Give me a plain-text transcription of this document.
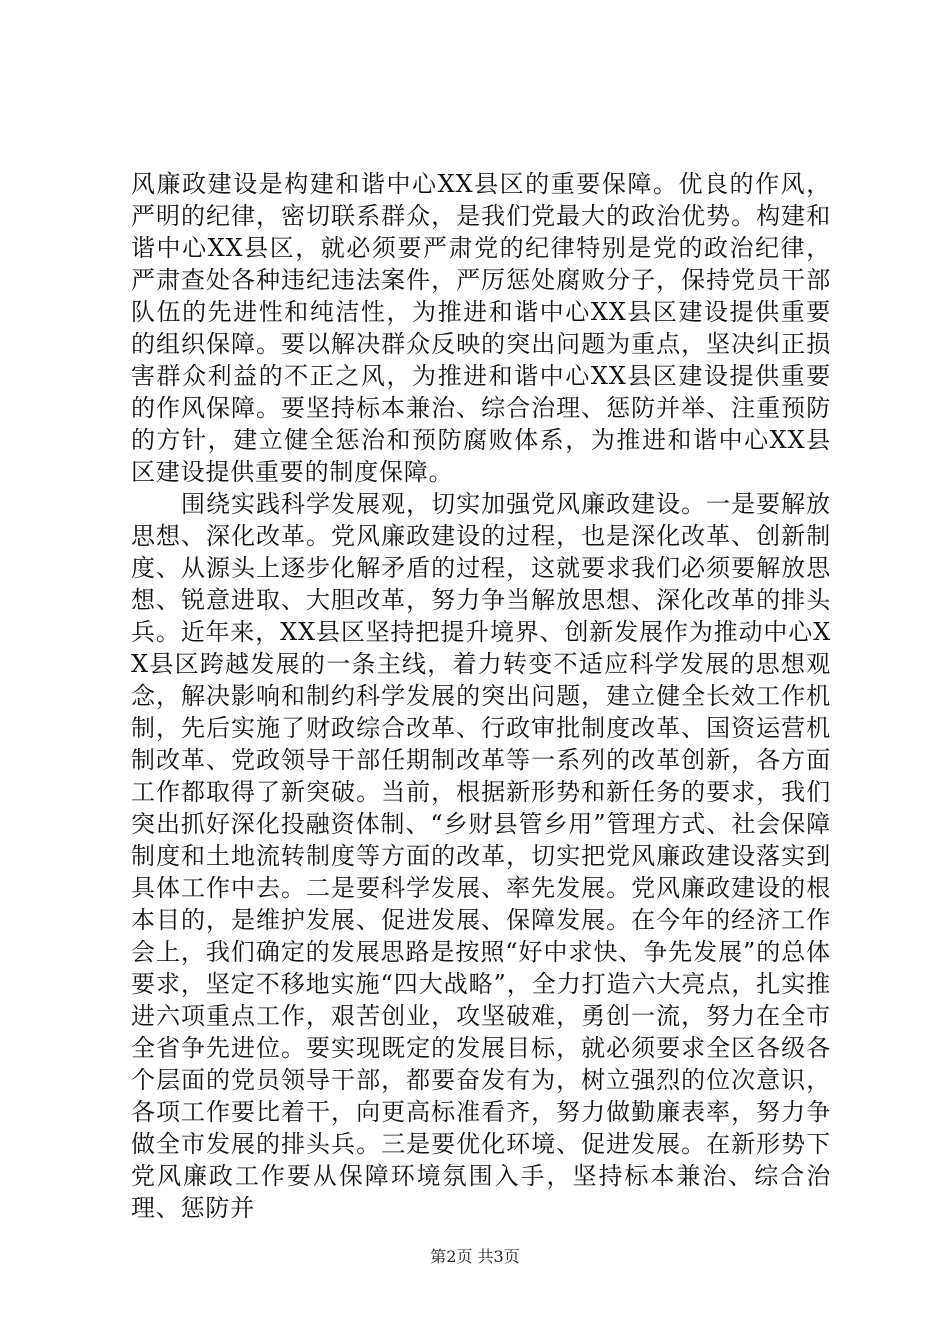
风廉政建设是构建和谐中心XX县区的重要保障。优良的作风，严明的纪律，密切联系群众，是我们党最大的政治优势。构建和谐中心XX县区，就必须要严肃党的纪律特别是党的政治纪律，严肃查处各种违纪违法案件，严厉惩处腐败分子，保持党员干部队伍的先进性和纯洁性，为推进和谐中心XX县区建设提供重要的组织保障。要以解决群众反映的突出问题为重点，坚决纠正损害群众利益的不正之风，为推进和谐中心XX县区建设提供重要的作风保障。要坚持标本兼治、综合治理、惩防并举、注重预防的方针，建立健全惩治和预防腐败体系，为推进和谐中心XX县区建设提供重要的制度保障。

围绕实践科学发展观，切实加强党风廉政建设。一是要解放思想、深化改革。党风廉政建设的过程，也是深化改革、创新制度、从源头上逐步化解矛盾的过程，这就要求我们必须要解放思想、锐意进取、大胆改革，努力争当解放思想、深化改革的排头兵。近年来，XX县区坚持把提升境界、创新发展作为推动中心XX县区跨越发展的一条主线，着力转变不适应科学发展的思想观念，解决影响和制约科学发展的突出问题，建立健全长效工作机制，先后实施了财政综合改革、行政审批制度改革、国资运营机制改革、党政领导干部任期制改革等一系列的改革创新，各方面工作都取得了新突破。当前，根据新形势和新任务的要求，我们突出抓好深化投融资体制、“乡财县管乡用”管理方式、社会保障制度和土地流转制度等方面的改革，切实把党风廉政建设落实到具体工作中去。二是要科学发展、率先发展。党风廉政建设的根本目的，是维护发展、促进发展、保障发展。在今年的经济工作会上，我们确定的发展思路是按照“好中求快、争先发展”的总体要求，坚定不移地实施“四大战略”，全力打造六大亮点，扎实推进六项重点工作，艰苦创业，攻坚破难，勇创一流，努力在全市全省争先进位。要实现既定的发展目标，就必须要求全区各级各个层面的党员领导干部，都要奋发有为，树立强烈的位次意识，各项工作要比着干，向更高标准看齐，努力做勤廉表率，努力争做全市发展的排头兵。三是要优化环境、促进发展。在新形势下党风廉政工作要从保障环境氛围入手，坚持标本兼治、综合治理、惩防并

第2页 共3页
